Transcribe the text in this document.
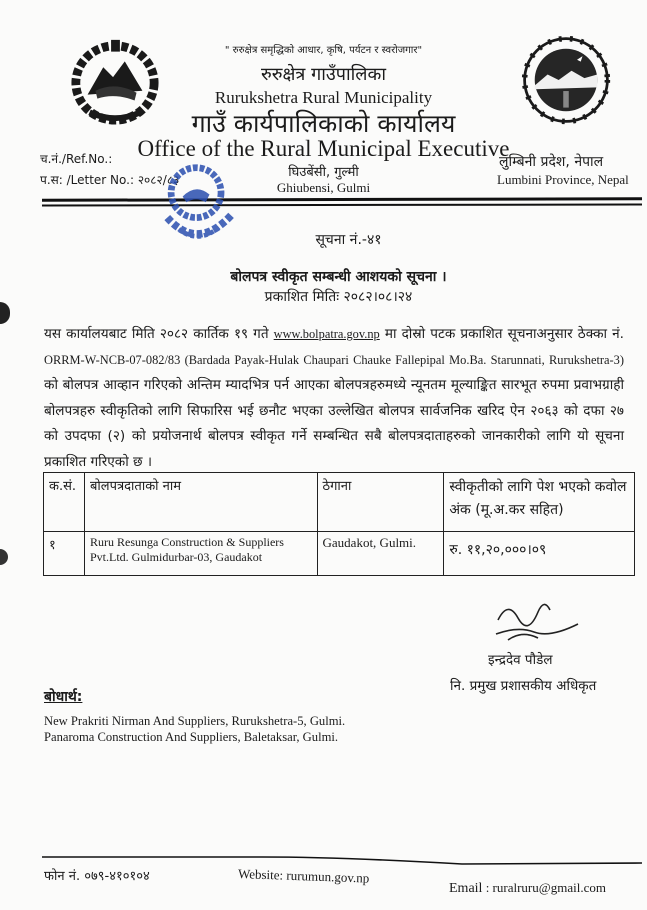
" रुरुक्षेत्र समृद्धिको आधार, कृषि, पर्यटन र स्वरोजगार"
रुरुक्षेत्र गाउँपालिका
Rurukshetra Rural Municipality
गाउँ कार्यपालिकाको कार्यालय
Office of the Rural Municipal Executive
घिउबेंसी, गुल्मी
Ghiubensi, Gulmi
च.नं./Ref.No.:
प.स: /Letter No.: २०८२/८३
लुम्बिनी प्रदेश, नेपाल
Lumbini Province, Nepal
सूचना नं.-४१
बोलपत्र स्वीकृत सम्बन्धी आशयको सूचना ।
प्रकाशित मितिः २०८२।०८।२४
यस कार्यालयबाट मिति २०८२ कार्तिक १९ गते www.bolpatra.gov.np मा दोस्रो पटक प्रकाशित सूचनाअनुसार ठेक्का नं. ORRM-W-NCB-07-082/83 (Bardada Payak-Hulak Chaupari Chauke Fallepipal Mo.Ba. Starunnati, Rurukshetra-3) को बोलपत्र आव्हान गरिएको अन्तिम म्यादभित्र पर्न आएका बोलपत्रहरुमध्ये न्यूनतम मूल्याङ्कित सारभूत रुपमा प्रवाभग्राही बोलपत्रहरु स्वीकृतिको लागि सिफारिस भई छनौट भएका उल्लेखित बोलपत्र सार्वजनिक खरिद ऐन २०६३ को दफा २७ को उपदफा (२) को प्रयोजनार्थ बोलपत्र स्वीकृत गर्ने सम्बन्धित सबै बोलपत्रदाताहरुको जानकारीको लागि यो सूचना प्रकाशित गरिएको छ ।
क.सं.	बोलपत्रदाताको नाम	ठेगाना	स्वीकृतीको लागि पेश भएको कवोल अंक (मू.अ.कर सहित)
१	Ruru Resunga Construction & Suppliers Pvt.Ltd. Gulmidurbar-03, Gaudakot	Gaudakot, Gulmi.	रु. ११,२०,०००।०९
इन्द्रदेव पौडेल
नि. प्रमुख प्रशासकीय अधिकृत
बोधार्थ:
New Prakriti Nirman And Suppliers, Rurukshetra-5, Gulmi.
Panaroma Construction And Suppliers, Baletaksar, Gulmi.
फोन नं. ०७९-४१०१०४	Website: rurumun.gov.np
Email : ruralruru@gmail.com
